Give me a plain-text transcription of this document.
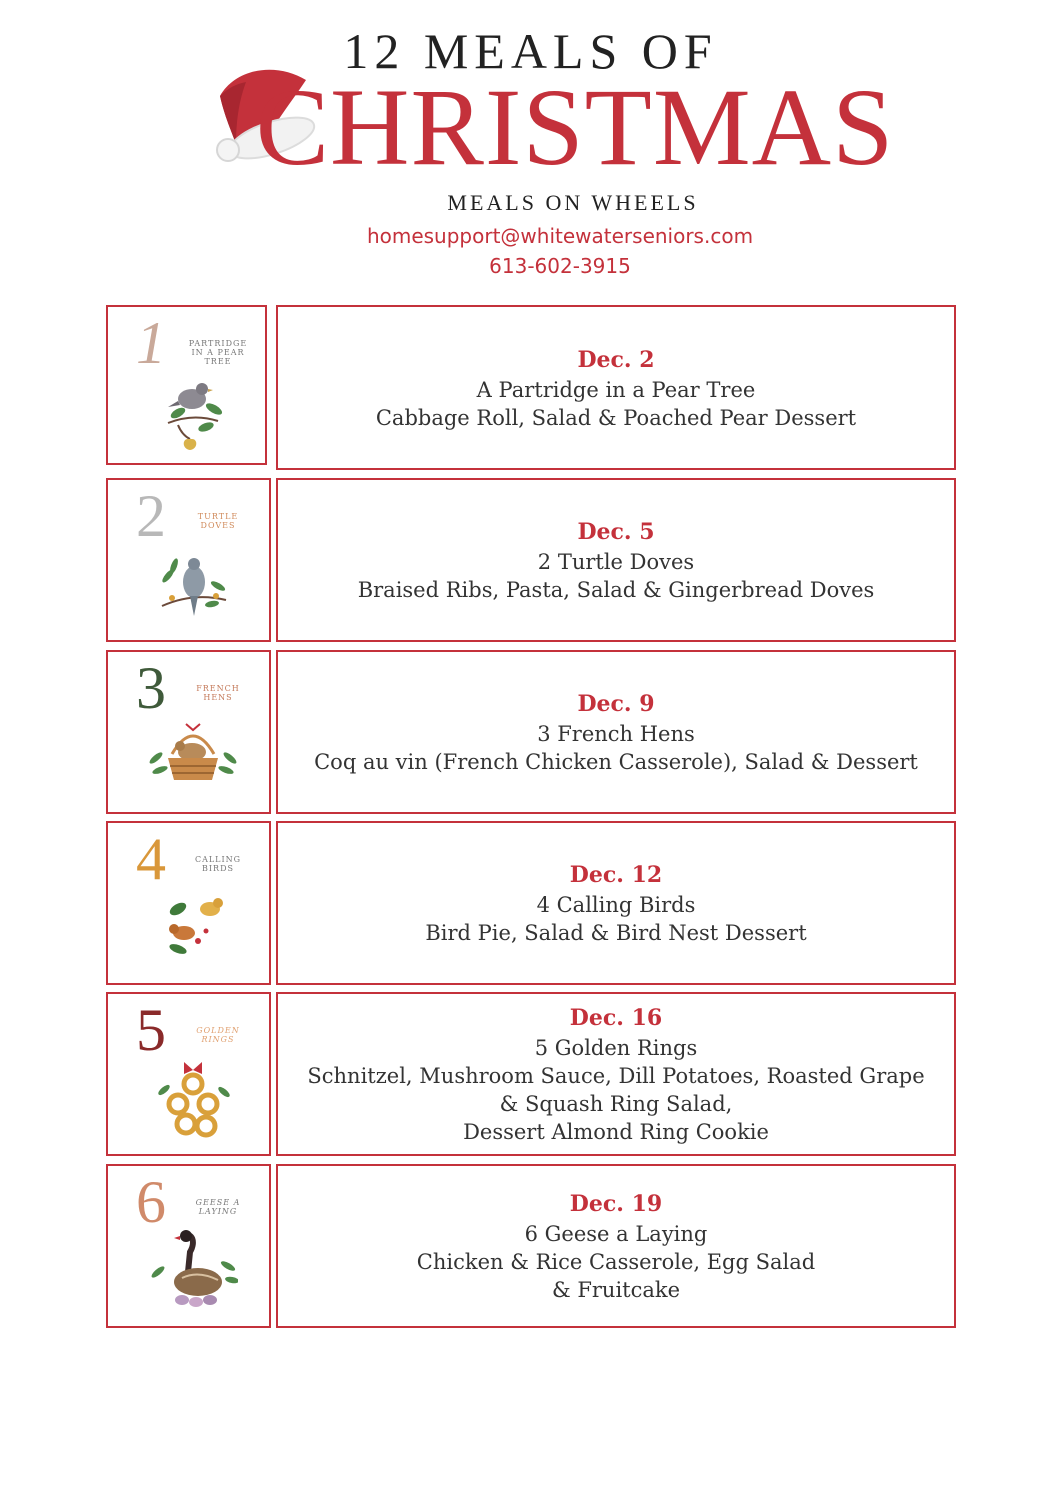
12 MEALS OF
CHRISTMAS
MEALS ON WHEELS
homesupport@whitewaterseniors.com
613-602-3915
1	PARTRIDGE IN A PEAR TREE	Dec. 2
A Partridge in a Pear Tree
Cabbage Roll, Salad & Poached Pear Dessert
2	TURTLE DOVES	Dec. 5
2 Turtle Doves
Braised Ribs, Pasta, Salad & Gingerbread Doves
3	FRENCH HENS	Dec. 9
3 French Hens
Coq au vin (French Chicken Casserole), Salad & Dessert
4	CALLING BIRDS	Dec. 12
4 Calling Birds
Bird Pie, Salad & Bird Nest Dessert
5	GOLDEN RINGS
Dec. 16
5 Golden Rings
Schnitzel, Mushroom Sauce, Dill Potatoes, Roasted Grape
& Squash Ring Salad,
Dessert Almond Ring Cookie
6	GEESE A LAYING	Dec. 19
6 Geese a Laying
Chicken & Rice Casserole, Egg Salad
& Fruitcake
